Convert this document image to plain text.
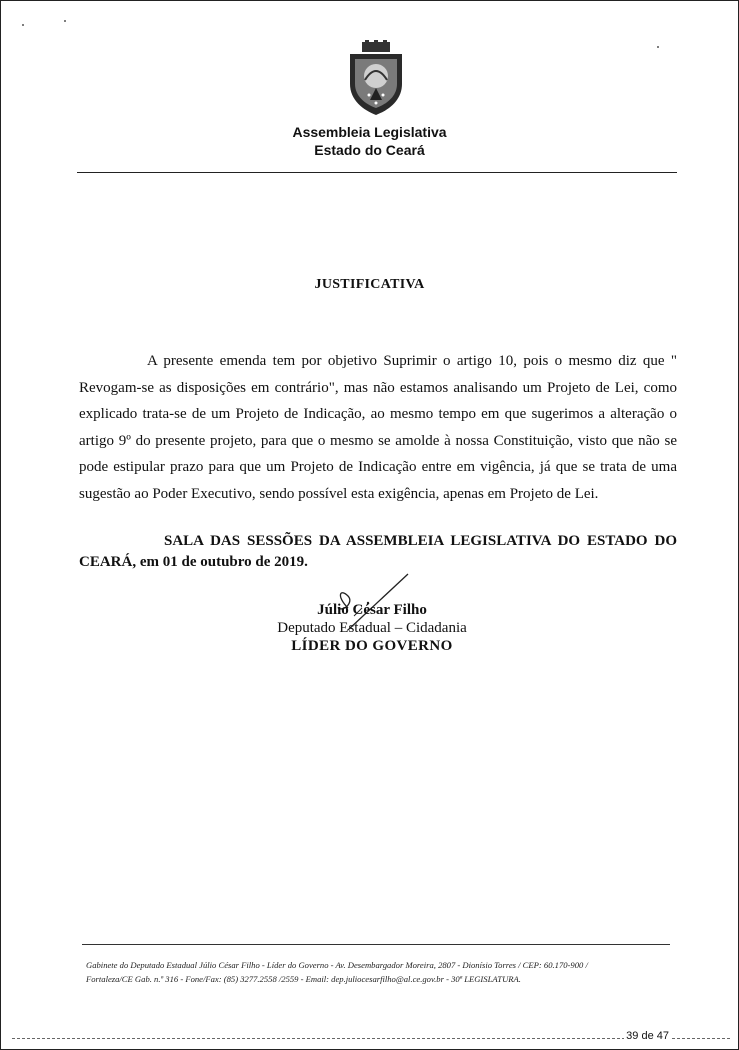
Assembleia Legislativa
Estado do Ceará
JUSTIFICATIVA

A presente emenda tem por objetivo Suprimir o artigo 10, pois o mesmo diz que " Revogam-se as disposições em contrário", mas não estamos analisando um Projeto de Lei, como explicado trata-se de um Projeto de Indicação, ao mesmo tempo em que sugerimos a alteração o artigo 9º do presente projeto, para que o mesmo se amolde à nossa Constituição, visto que não se pode estipular prazo para que um Projeto de Indicação entre em vigência, já que se trata de uma sugestão ao Poder Executivo, sendo possível esta exigência, apenas em Projeto de Lei.

SALA DAS SESSÕES DA ASSEMBLEIA LEGISLATIVA DO ESTADO DO CEARÁ, em 01 de outubro de 2019.
Júlio César Filho
Deputado Estadual – Cidadania
LÍDER DO GOVERNO
Gabinete do Deputado Estadual Júlio César Filho - Líder do Governo - Av. Desembargador Moreira, 2807 - Dionísio Torres / CEP: 60.170-900 /
Fortaleza/CE Gab. n.º 316 - Fone/Fax: (85) 3277.2558 /2559 - Email: dep.juliocesarfilho@al.ce.gov.br - 30ª LEGISLATURA.
39 de 47
